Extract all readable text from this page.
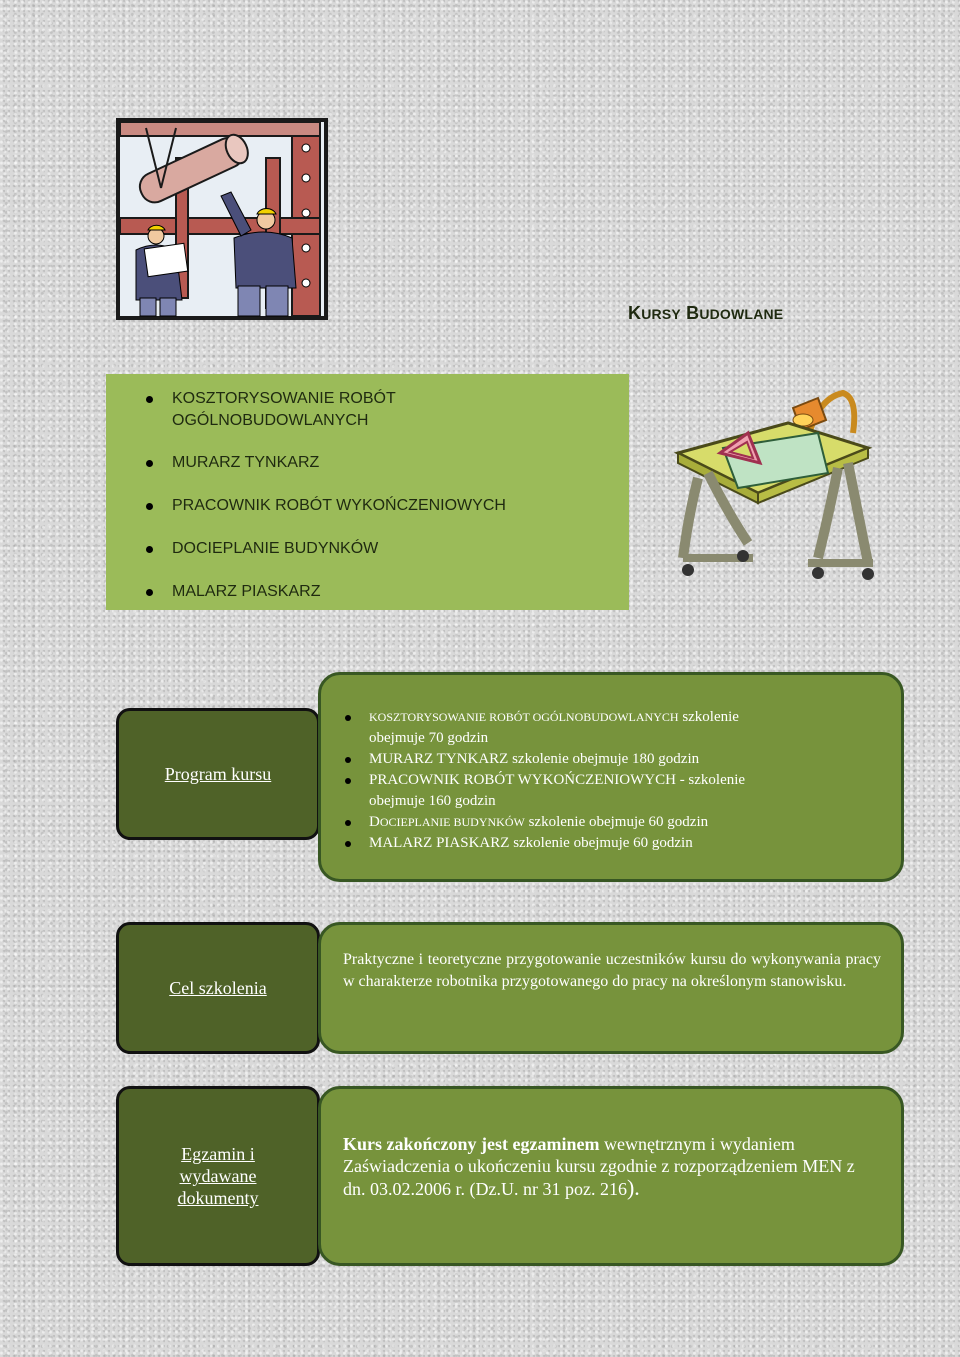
KURSY BUDOWLANE
KOSZTORYSOWANIE ROBÓT
OGÓLNOBUDOWLANYCH
MURARZ TYNKARZ
PRACOWNIK ROBÓT WYKOŃCZENIOWYCH
DOCIEPLANIE BUDYNKÓW
MALARZ PIASKARZ
Program kursu
KOSZTORYSOWANIE ROBÓT OGÓLNOBUDOWLANYCH szkolenie
obejmuje 70 godzin
MURARZ TYNKARZ szkolenie obejmuje 180 godzin
PRACOWNIK ROBÓT WYKOŃCZENIOWYCH - szkolenie
obejmuje 160 godzin
DOCIEPLANIE BUDYNKÓW szkolenie obejmuje 60 godzin
MALARZ PIASKARZ szkolenie obejmuje 60 godzin
Cel szkolenia
Praktyczne i teoretyczne przygotowanie uczestników kursu do wykonywania pracy w charakterze robotnika przygotowanego do pracy na określonym stanowisku.
Egzamin i
wydawane
dokumenty
Kurs zakończony jest egzaminem wewnętrznym i wydaniem Zaświadczenia o ukończeniu kursu zgodnie z rozporządzeniem MEN z dn. 03.02.2006 r. (Dz.U. nr 31 poz. 216).
